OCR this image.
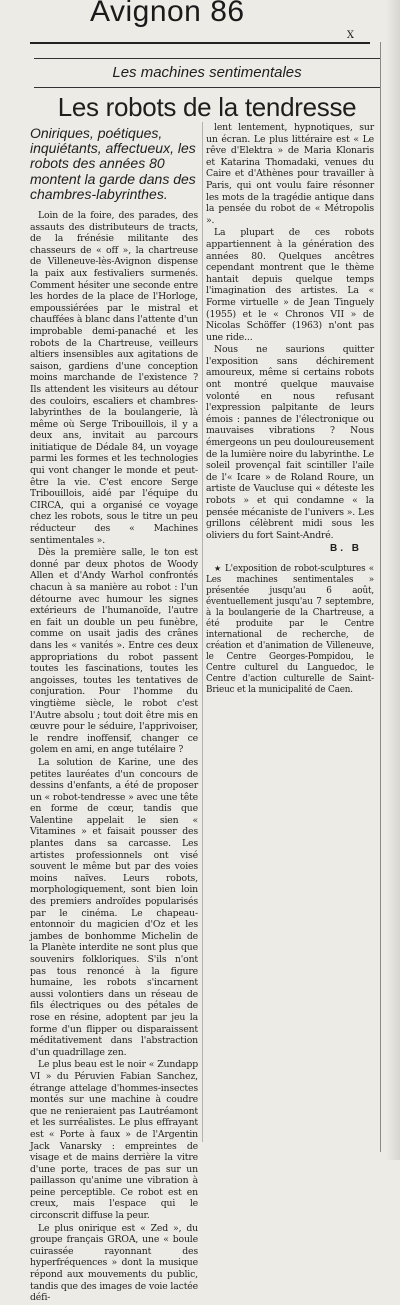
Avignon 86
X
Les machines sentimentales
Les robots de la tendresse
Oniriques, poétiques, inquiétants, affectueux, les robots des années 80 montent la garde dans des chambres-labyrinthes.

Loin de la foire, des parades, des assauts des distributeurs de tracts, de la frénésie militante des chasseurs de « off », la chartreuse de Villeneuve-lès-Avignon dispense la paix aux festivaliers surmenés. Comment hésiter une seconde entre les hordes de la place de l'Horloge, empoussiérées par le mistral et chauffées à blanc dans l'attente d'un improbable demi-panaché et les robots de la Chartreuse, veilleurs altiers insensibles aux agitations de saison, gardiens d'une conception moins marchande de l'existence ? Ils attendent les visiteurs au détour des couloirs, escaliers et chambres-labyrinthes de la boulangerie, là même où Serge Tribouillois, il y a deux ans, invitait au parcours initiatique de Dédale 84, un voyage parmi les formes et les technologies qui vont changer le monde et peut-être la vie. C'est encore Serge Tribouillois, aidé par l'équipe du CIRCA, qui a organisé ce voyage chez les robots, sous le titre un peu réducteur des « Machines sentimentales ».

Dès la première salle, le ton est donné par deux photos de Woody Allen et d'Andy Warhol confrontés chacun à sa manière au robot : l'un détourne avec humour les signes extérieurs de l'humanoïde, l'autre en fait un double un peu funèbre, comme on usait jadis des crânes dans les « vanités ». Entre ces deux appropriations du robot passent toutes les fascinations, toutes les angoisses, toutes les tentatives de conjuration. Pour l'homme du vingtième siècle, le robot c'est l'Autre absolu ; tout doit être mis en œuvre pour le séduire, l'apprivoiser, le rendre inoffensif, changer ce golem en ami, en ange tutélaire ?

La solution de Karine, une des petites lauréates d'un concours de dessins d'enfants, a été de proposer un « robot-tendresse » avec une tête en forme de cœur, tandis que Valentine appelait le sien « Vitamines » et faisait pousser des plantes dans sa carcasse. Les artistes professionnels ont visé souvent le même but par des voies moins naïves. Leurs robots, morphologiquement, sont bien loin des premiers androïdes popularisés par le cinéma. Le chapeau-entonnoir du magicien d'Oz et les jambes de bonhomme Michelin de la Planète interdite ne sont plus que souvenirs folkloriques. S'ils n'ont pas tous renoncé à la figure humaine, les robots s'incarnent aussi volontiers dans un réseau de fils électriques ou des pétales de rose en résine, adoptent par jeu la forme d'un flipper ou disparaissent méditativement dans l'abstraction d'un quadrillage zen.

Le plus beau est le noir « Zundapp VI » du Péruvien Fabian Sanchez, étrange attelage d'hommes-insectes montés sur une machine à coudre que ne renieraient pas Lautréamont et les surréalistes. Le plus effrayant est « Porte à faux » de l'Argentin Jack Vanarsky : empreintes de visage et de mains derrière la vitre d'une porte, traces de pas sur un paillasson qu'anime une vibration à peine perceptible. Ce robot est en creux, mais l'espace qui le circonscrit diffuse la peur.

Le plus onirique est « Zed », du groupe français GROA, une « boule cuirassée rayonnant des hyperfréquences » dont la musique répond aux mouvements du public, tandis que des images de voie lactée défi-

lent lentement, hypnotiques, sur un écran. Le plus littéraire est « Le rêve d'Elektra » de Maria Klonaris et Katarina Thomadaki, venues du Caire et d'Athènes pour travailler à Paris, qui ont voulu faire résonner les mots de la tragédie antique dans la pensée du robot de « Métropolis ».

La plupart de ces robots appartiennent à la génération des années 80. Quelques ancêtres cependant montrent que le thème hantait depuis quelque temps l'imagination des artistes. La « Forme virtuelle » de Jean Tinguely (1955) et le « Chronos VII » de Nicolas Schöffer (1963) n'ont pas une ride...

Nous ne saurions quitter l'exposition sans déchirement amoureux, même si certains robots ont montré quelque mauvaise volonté en nous refusant l'expression palpitante de leurs émois : pannes de l'électronique ou mauvaises vibrations ? Nous émergeons un peu douloureusement de la lumière noire du labyrinthe. Le soleil provençal fait scintiller l'aile de l'« Icare » de Roland Roure, un artiste de Vaucluse qui « déteste les robots » et qui condamne « la pensée mécaniste de l'univers ». Les grillons célèbrent midi sous les oliviers du fort Saint-André.

B. B

★ L'exposition de robot-sculptures « Les machines sentimentales » présentée jusqu'au 6 août, éventuellement jusqu'au 7 septembre, à la boulangerie de la Chartreuse, a été produite par le Centre international de recherche, de création et d'animation de Villeneuve, le Centre Georges-Pompidou, le Centre culturel du Languedoc, le Centre d'action culturelle de Saint-Brieuc et la municipalité de Caen.
